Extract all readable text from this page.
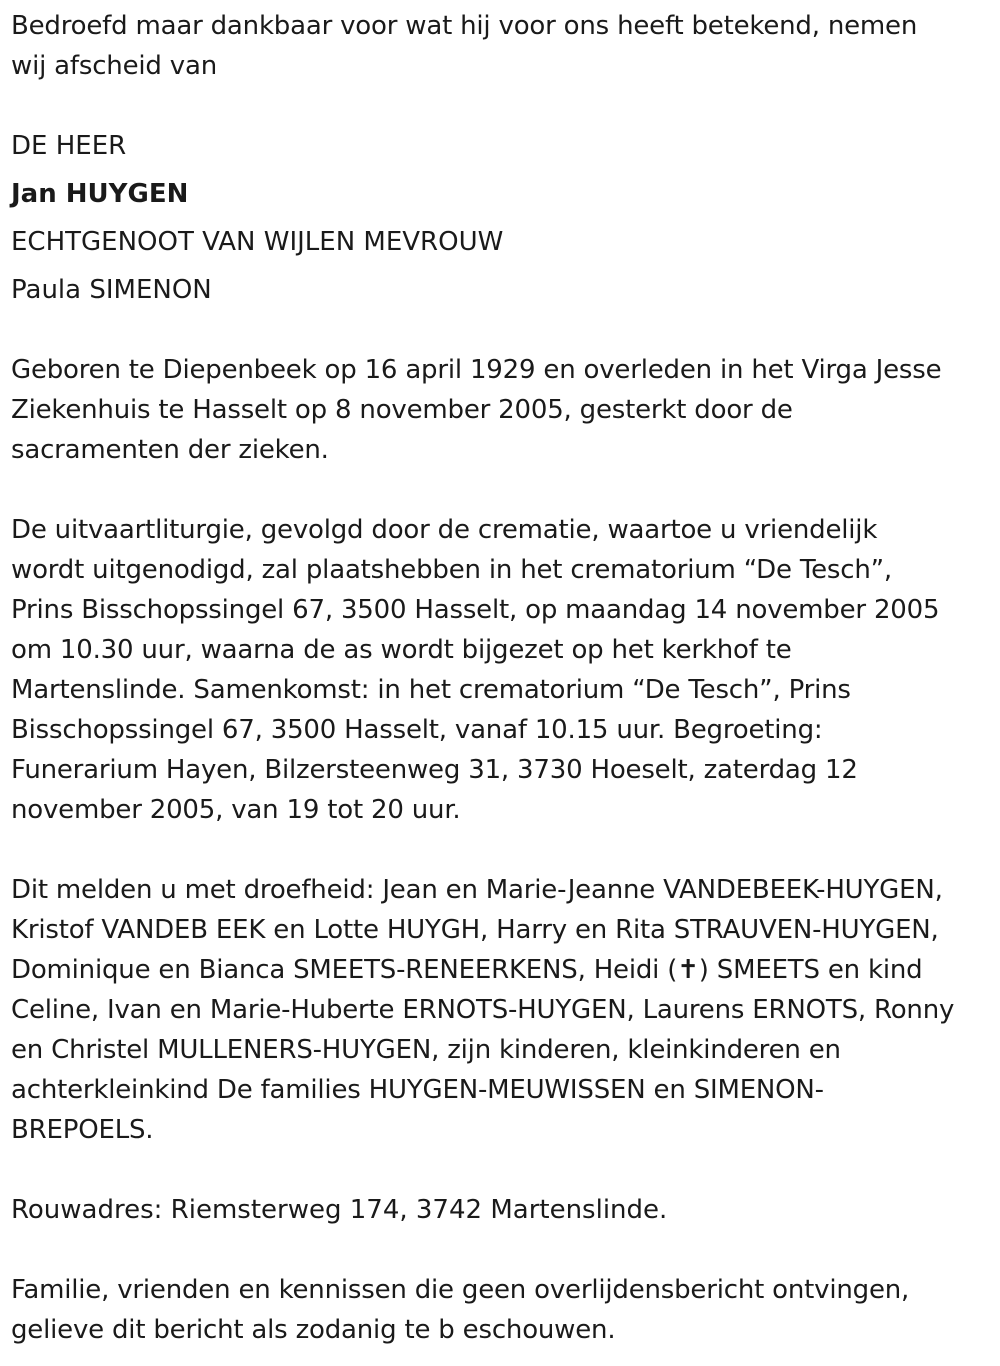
Bedroefd maar dankbaar voor wat hij voor ons heeft betekend, nemen
wij afscheid van

DE HEER

Jan HUYGEN

ECHTGENOOT VAN WIJLEN MEVROUW

Paula SIMENON

Geboren te Diepenbeek op 16 april 1929 en overleden in het Virga Jesse
Ziekenhuis te Hasselt op 8 november 2005, gesterkt door de
sacramenten der zieken.

De uitvaartliturgie, gevolgd door de crematie, waartoe u vriendelijk
wordt uitgenodigd, zal plaatshebben in het crematorium “De Tesch”,
Prins Bisschopssingel 67, 3500 Hasselt, op maandag 14 november 2005
om 10.30 uur, waarna de as wordt bijgezet op het kerkhof te
Martenslinde. Samenkomst: in het crematorium “De Tesch”, Prins
Bisschopssingel 67, 3500 Hasselt, vanaf 10.15 uur. Begroeting:
Funerarium Hayen, Bilzersteenweg 31, 3730 Hoeselt, zaterdag 12
november 2005, van 19 tot 20 uur.

Dit melden u met droefheid: Jean en Marie-Jeanne VANDEBEEK-HUYGEN,
Kristof VANDEB EEK en Lotte HUYGH, Harry en Rita STRAUVEN-HUYGEN,
Dominique en Bianca SMEETS-RENEERKENS, Heidi (✝) SMEETS en kind
Celine, Ivan en Marie-Huberte ERNOTS-HUYGEN, Laurens ERNOTS, Ronny
en Christel MULLENERS-HUYGEN, zijn kinderen, kleinkinderen en
achterkleinkind De families HUYGEN-MEUWISSEN en SIMENON-
BREPOELS.

Rouwadres: Riemsterweg 174, 3742 Martenslinde.

Familie, vrienden en kennissen die geen overlijdensbericht ontvingen,
gelieve dit bericht als zodanig te b eschouwen.
